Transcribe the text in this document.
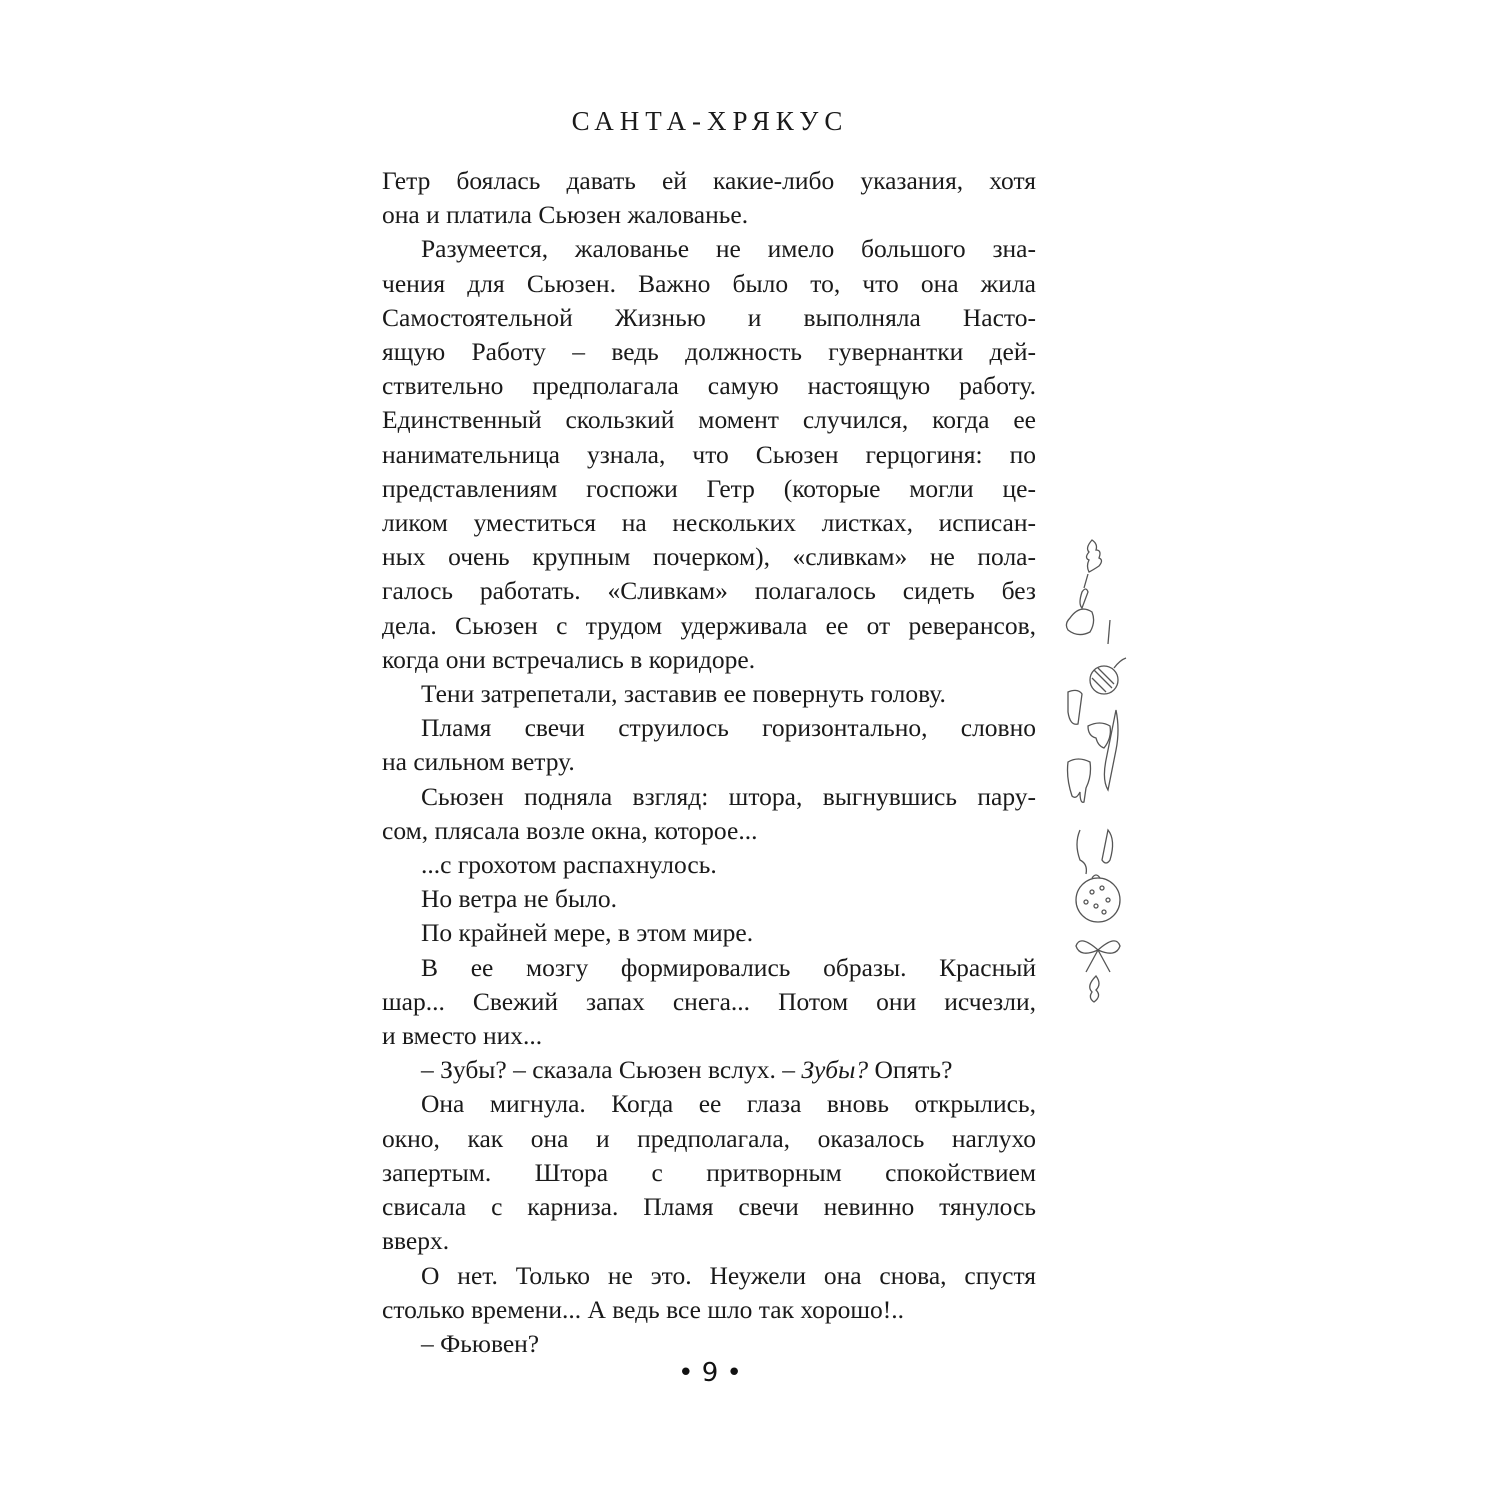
САНТА-ХРЯКУС
Гетр боялась давать ей какие-либо указания, хотя
она и платила Сьюзен жалованье.
Разумеется, жалованье не имело большого зна-
чения для Сьюзен. Важно было то, что она жила
Самостоятельной Жизнью и выполняла Насто-
ящую Работу – ведь должность гувернантки дей-
ствительно предполагала самую настоящую работу.
Единственный скользкий момент случился, когда ее
нанимательница узнала, что Сьюзен герцогиня: по
представлениям госпожи Гетр (которые могли це-
ликом уместиться на нескольких листках, исписан-
ных очень крупным почерком), «сливкам» не пола-
галось работать. «Сливкам» полагалось сидеть без
дела. Сьюзен с трудом удерживала ее от реверансов,
когда они встречались в коридоре.
Тени затрепетали, заставив ее повернуть голову.
Пламя свечи струилось горизонтально, словно
на сильном ветру.
Сьюзен подняла взгляд: штора, выгнувшись пару-
сом, плясала возле окна, которое...
...с грохотом распахнулось.
Но ветра не было.
По крайней мере, в этом мире.
В ее мозгу формировались образы. Красный
шар... Свежий запах снега... Потом они исчезли,
и вместо них...
– Зубы? – сказала Сьюзен вслух. – Зубы? Опять?
Она мигнула. Когда ее глаза вновь открылись,
окно, как она и предполагала, оказалось наглухо
запертым. Штора с притворным спокойствием
свисала с карниза. Пламя свечи невинно тянулось
вверх.
О нет. Только не это. Неужели она снова, спустя
столько времени... А ведь все шло так хорошо!..
– Фьювен?
• 9 •
